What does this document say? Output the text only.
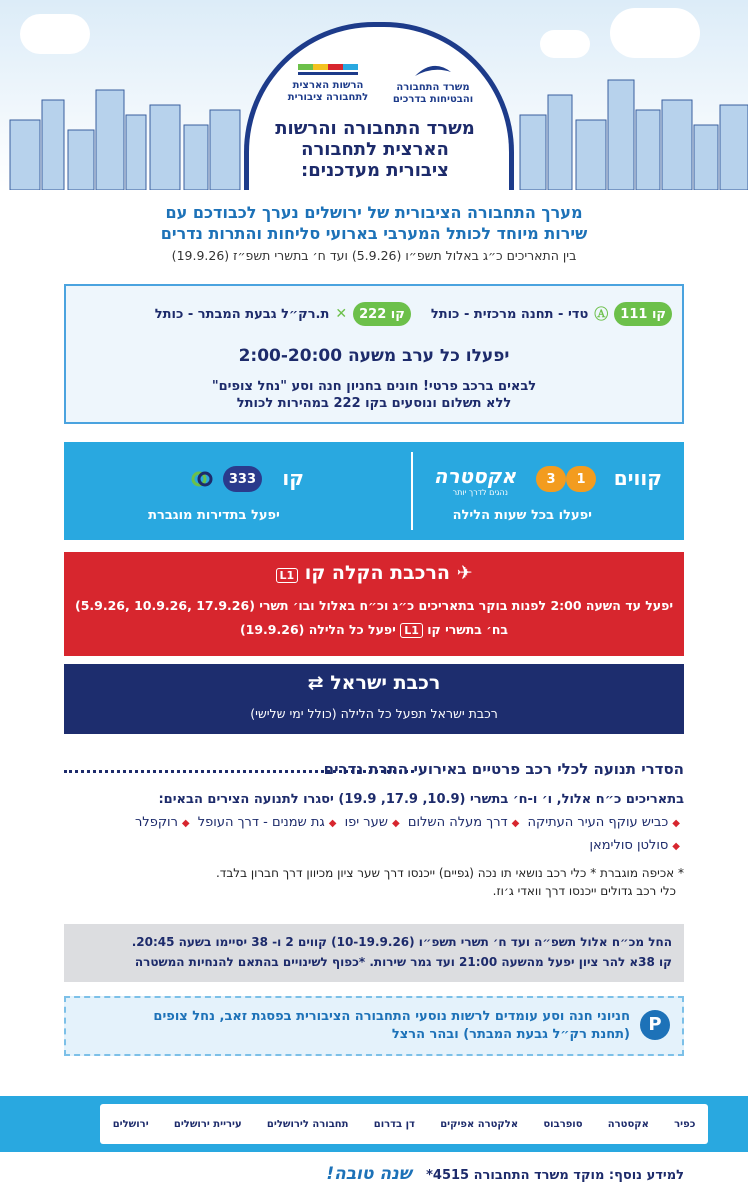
משרד התחבורה והבטיחות בדרכים
הרשות הארצית
לתחבורה ציבורית
משרד התחבורה והרשות הארצית לתחבורה ציבורית מעדכנים:
מערך התחבורה הציבורית של ירושלים נערך לכבודכם עם
שירות מיוחד לכותל המערבי בארועי סליחות והתרות נדרים
בין התאריכים כ״ג באלול תשפ״ו (5.9.26) ועד ח׳ בתשרי תשפ״ז (19.9.26)
קו

111
Ⓐ
טדי - תחנה מרכזית - כותל
קו

222
✕
ת.רק״ל גבעת המבתר - כותל
יפעלו כל ערב משעה 2:00-20:00
לבאים ברכב פרטי! חונים בחניון חנה וסע "נחל צופים"
ללא תשלום ונוסעים בקו 222 במהירות לכותל
קווים
1
3
אקסטרה
נהגים לדרך יותר
יפעלו בכל שעות הלילה
קו
333
יפעל בתדירות מוגברת
✈ הרכבת הקלה קו L1
יפעל עד השעה 2:00 לפנות בוקר בתאריכים כ״ג וכ״ח באלול ובו׳ תשרי (17.9.26 ,10.9.26 ,5.9.26)
בח׳ בתשרי קו L1 יפעל כל הלילה (19.9.26)
רכבת ישראל ⇄
רכבת ישראל תפעל כל הלילה (כולל ימי שלישי)
הסדרי תנועה לכלי רכב פרטיים באירועי התרת נדרים
בתאריכים כ״ח אלול, ו׳ ו-ח׳ בתשרי (10.9, 17.9, 19.9) יסגרו לתנועה הצירים הבאים:
◆כביש עוקף העיר העתיקה ◆דרך מעלה השלום ◆שער יפו ◆גת שמנים - דרך העופל ◆רוקפלר
◆סולטן סולימאן
* אכיפה מוגברת * כלי רכב נושאי תו נכה (גפיים) ייכנסו דרך שער ציון מכיוון דרך חברון בלבד.
כלי רכב גדולים ייכנסו דרך וואדי ג׳וז.
החל מכ״ח אלול תשפ״ה ועד ח׳ תשרי תשפ״ו (10-19.9.26) קווים 2 ו- 38 יסיימו בשעה 20:45.
קו 38א להר ציון יפעל מהשעה 21:00 ועד גמר שירות. *כפוף לשינויים בהתאם להנחיות המשטרה
P
חניוני חנה וסע עומדים לרשות נוסעי התחבורה הציבורית בפסגת זאב, נחל צופים
(תחנת רק״ל גבעת המבתר) ובהר הרצל
כפיר
אקסטרה
סופרבוס
אלקטרה אפיקים
דן בדרום
תחבורה לירושלים
עיריית ירושלים
ירושלים
למידע נוסף: מוקד משרד התחבורה 4515* שנה טובה!
